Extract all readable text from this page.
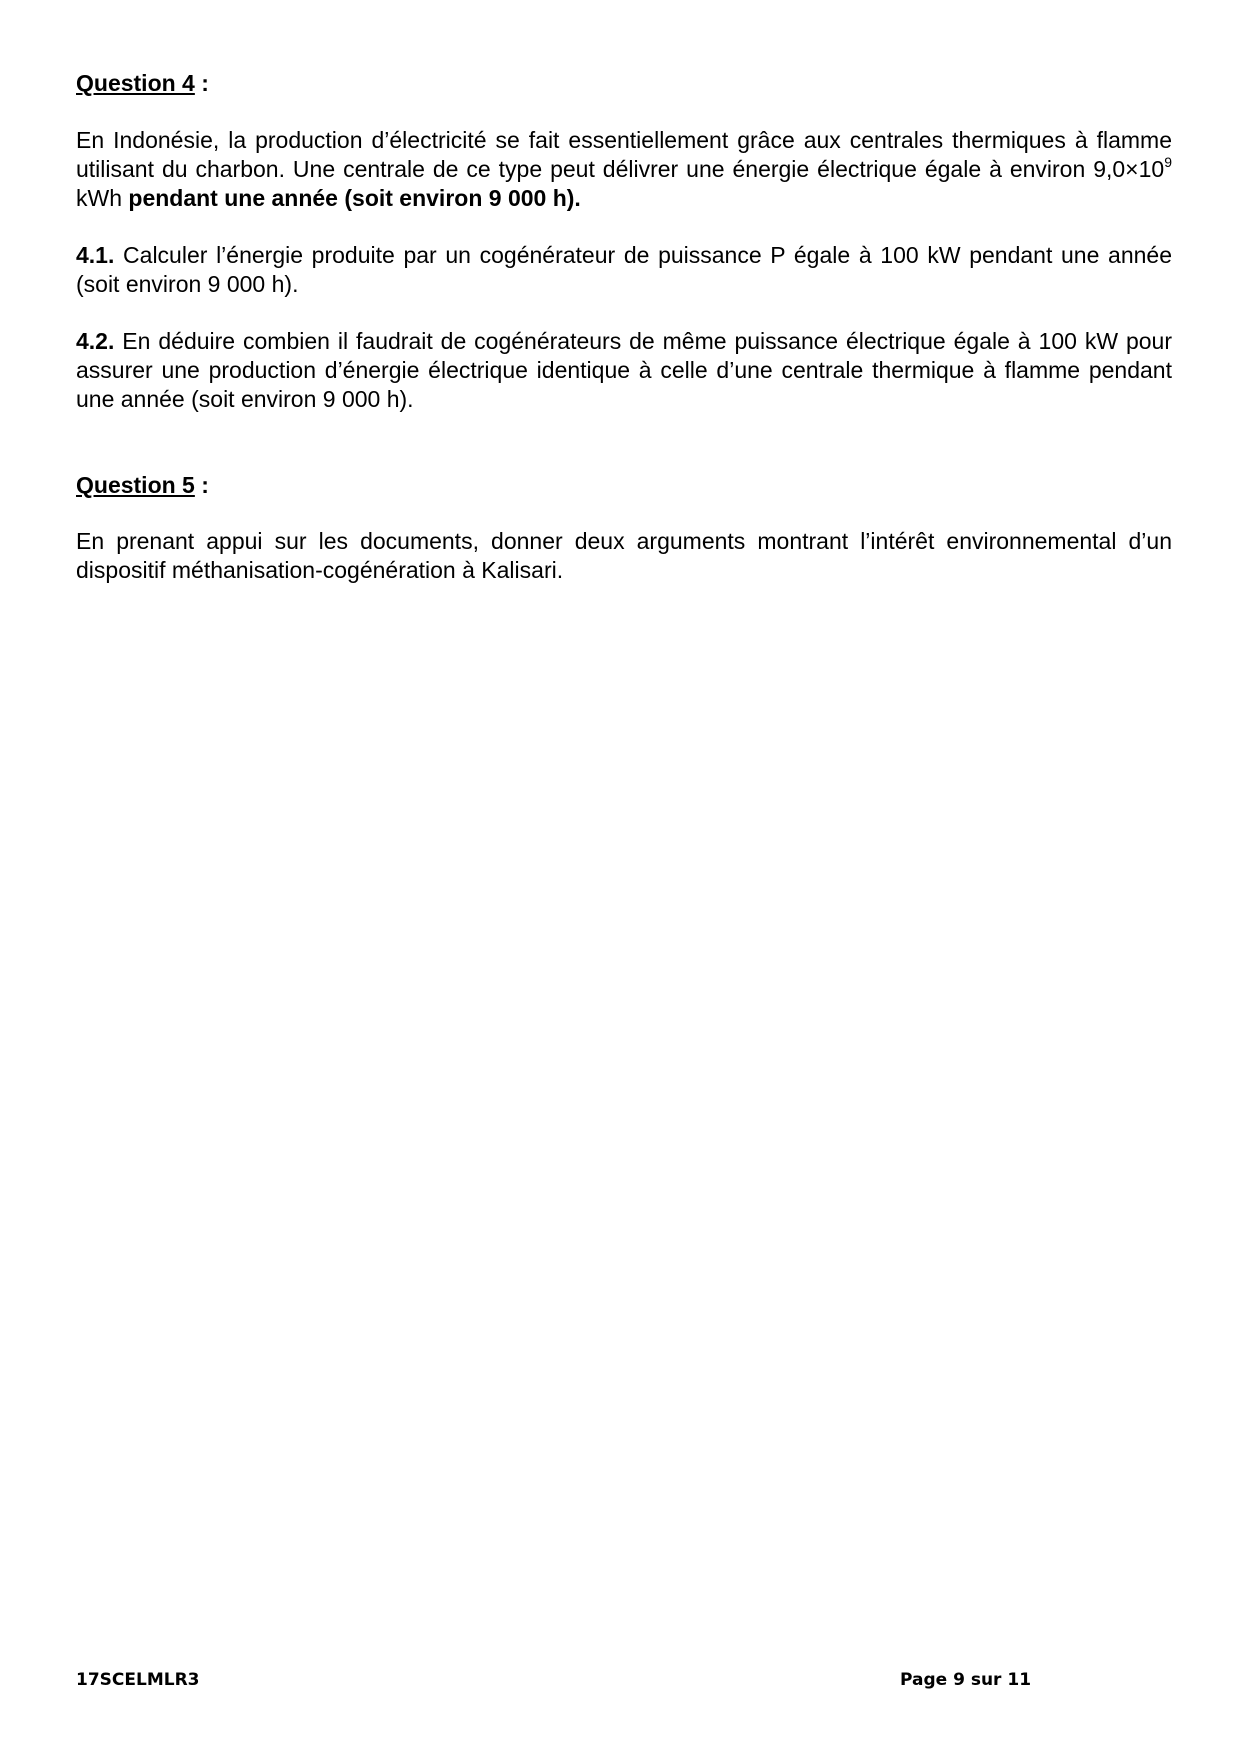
Question 4 :

En Indonésie, la production d’électricité se fait essentiellement grâce aux centrales thermiques à flamme utilisant du charbon. Une centrale de ce type peut délivrer une énergie électrique égale à environ $9,0\times 10^9$ kWh pendant une année (soit environ 9 000 h).

4.1. Calculer l’énergie produite par un cogénérateur de puissance P égale à 100 kW pendant une année (soit environ 9 000 h).

4.2. En déduire combien il faudrait de cogénérateurs de même puissance électrique égale à 100 kW pour assurer une production d’énergie électrique identique à celle d’une centrale thermique à flamme pendant une année (soit environ 9 000 h).

Question 5 :

En prenant appui sur les documents, donner deux arguments montrant l’intérêt environnemental d’un dispositif méthanisation-cogénération à Kalisari.

17SCELMLR3	Page 9 sur 11
